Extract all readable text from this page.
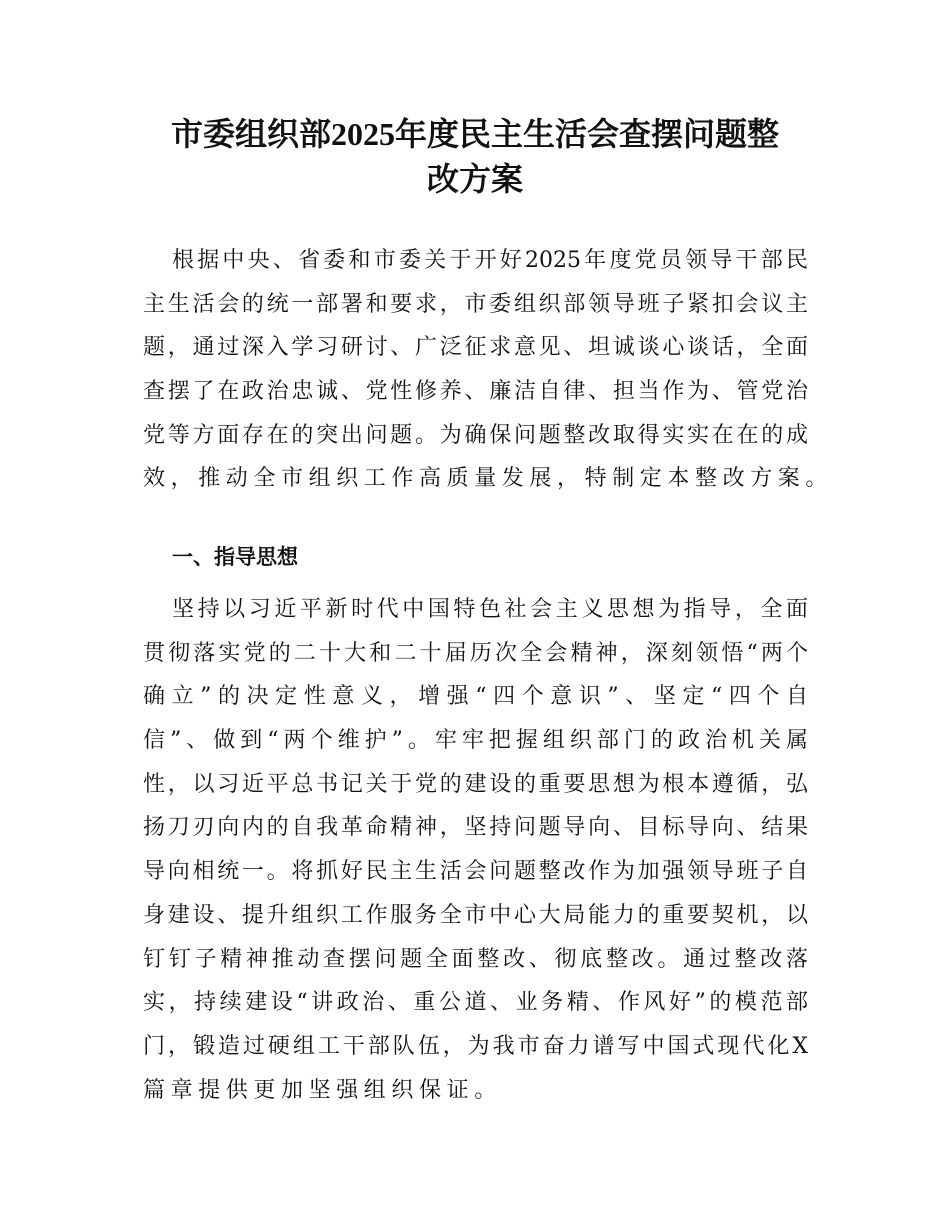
市委组织部2025年度民主生活会查摆问题整
改方案
根据中央、省委和市委关于开好2025年度党员领导干部民
主生活会的统一部署和要求，市委组织部领导班子紧扣会议主
题，通过深入学习研讨、广泛征求意见、坦诚谈心谈话，全面
查摆了在政治忠诚、党性修养、廉洁自律、担当作为、管党治
党等方面存在的突出问题。为确保问题整改取得实实在在的成
效，推动全市组织工作高质量发展，特制定本整改方案。
一、指导思想
坚持以习近平新时代中国特色社会主义思想为指导，全面
贯彻落实党的二十大和二十届历次全会精神，深刻领悟“两个
确立”的决定性意义，增强“四个意识”、坚定“四个自
信”、做到“两个维护”。牢牢把握组织部门的政治机关属
性，以习近平总书记关于党的建设的重要思想为根本遵循，弘
扬刀刃向内的自我革命精神，坚持问题导向、目标导向、结果
导向相统一。将抓好民主生活会问题整改作为加强领导班子自
身建设、提升组织工作服务全市中心大局能力的重要契机，以
钉钉子精神推动查摆问题全面整改、彻底整改。通过整改落
实，持续建设“讲政治、重公道、业务精、作风好”的模范部
门，锻造过硬组工干部队伍，为我市奋力谱写中国式现代化X
篇章提供更加坚强组织保证。
